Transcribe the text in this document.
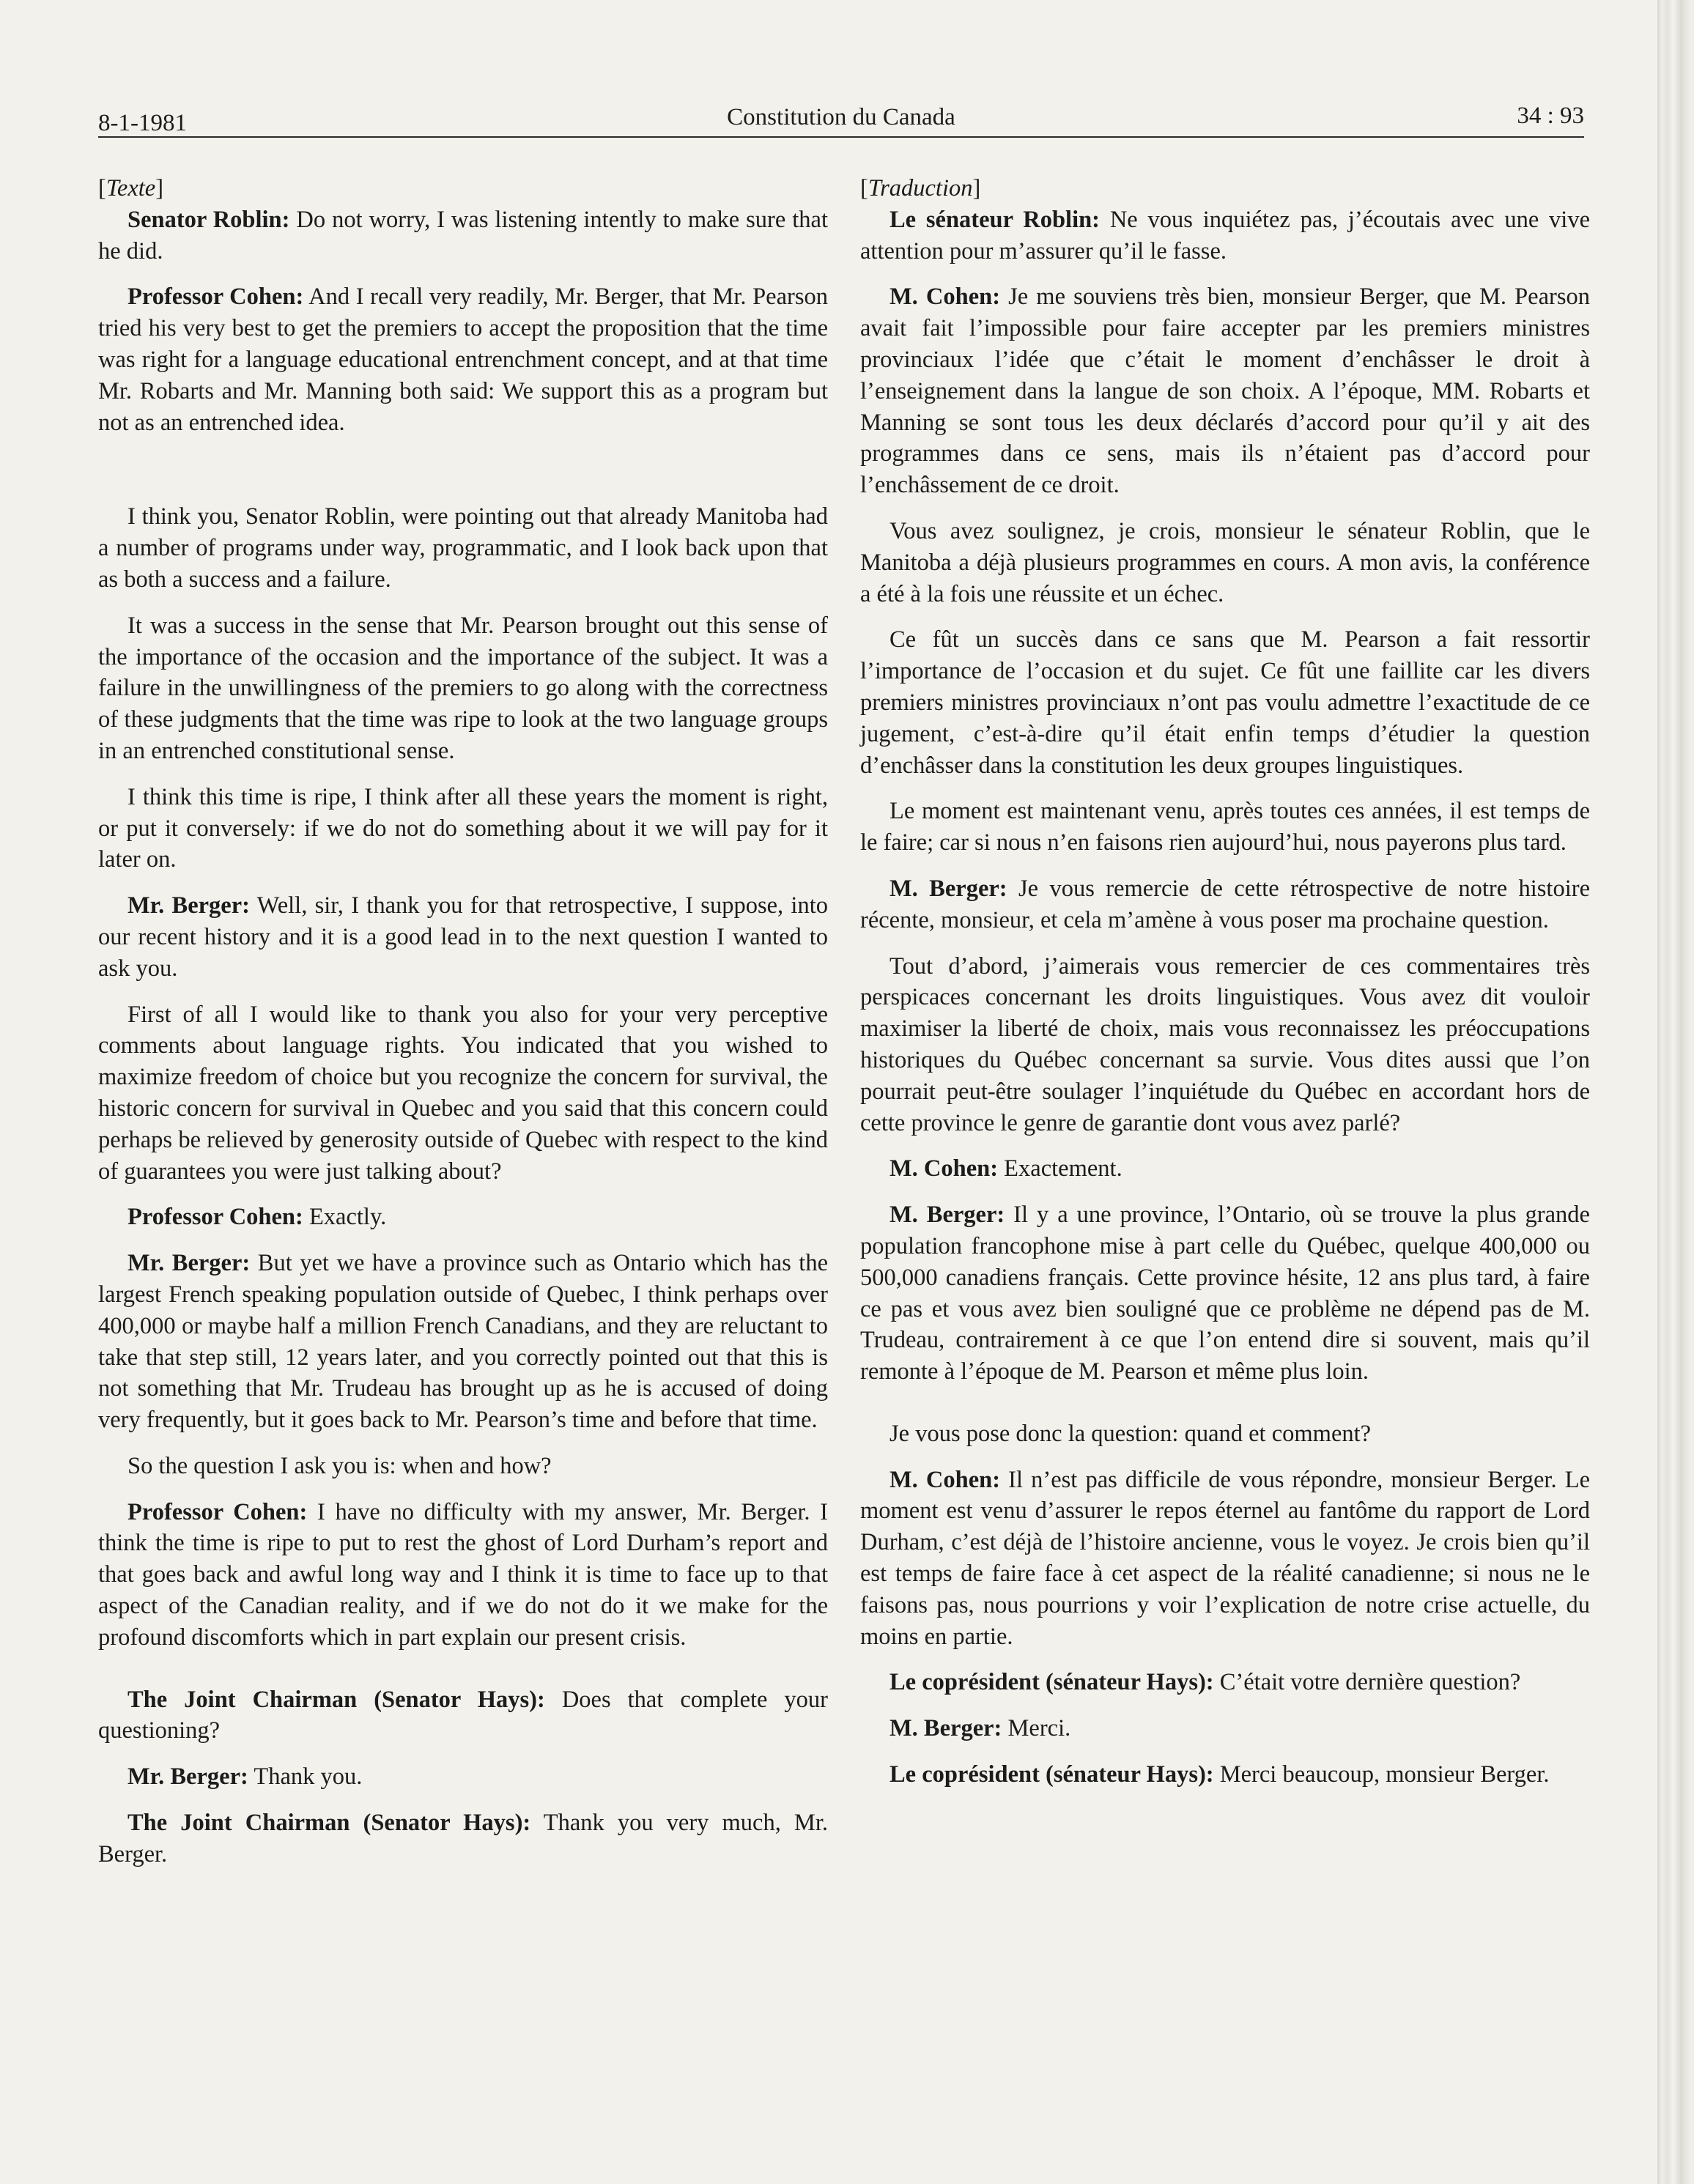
8-1-1981	Constitution du Canada	34 : 93

[Texte]

Senator Roblin: Do not worry, I was listening intently to make sure that he did.

Professor Cohen: And I recall very readily, Mr. Berger, that Mr. Pearson tried his very best to get the premiers to accept the proposition that the time was right for a language educational entrenchment concept, and at that time Mr. Robarts and Mr. Manning both said: We support this as a program but not as an entrenched idea.

I think you, Senator Roblin, were pointing out that already Manitoba had a number of programs under way, programmatic, and I look back upon that as both a success and a failure.

It was a success in the sense that Mr. Pearson brought out this sense of the importance of the occasion and the importance of the subject. It was a failure in the unwillingness of the premiers to go along with the correctness of these judgments that the time was ripe to look at the two language groups in an entrenched constitutional sense.

I think this time is ripe, I think after all these years the moment is right, or put it conversely: if we do not do something about it we will pay for it later on.

Mr. Berger: Well, sir, I thank you for that retrospective, I suppose, into our recent history and it is a good lead in to the next question I wanted to ask you.

First of all I would like to thank you also for your very perceptive comments about language rights. You indicated that you wished to maximize freedom of choice but you recognize the concern for survival, the historic concern for survival in Quebec and you said that this concern could perhaps be relieved by generosity outside of Quebec with respect to the kind of guarantees you were just talking about?

Professor Cohen: Exactly.

Mr. Berger: But yet we have a province such as Ontario which has the largest French speaking population outside of Quebec, I think perhaps over 400,000 or maybe half a million French Canadians, and they are reluctant to take that step still, 12 years later, and you correctly pointed out that this is not something that Mr. Trudeau has brought up as he is accused of doing very frequently, but it goes back to Mr. Pearson’s time and before that time.

So the question I ask you is: when and how?

Professor Cohen: I have no difficulty with my answer, Mr. Berger. I think the time is ripe to put to rest the ghost of Lord Durham’s report and that goes back and awful long way and I think it is time to face up to that aspect of the Canadian reality, and if we do not do it we make for the profound discomforts which in part explain our present crisis.

The Joint Chairman (Senator Hays): Does that complete your questioning?

Mr. Berger: Thank you.

The Joint Chairman (Senator Hays): Thank you very much, Mr. Berger.

[Traduction]

Le sénateur Roblin: Ne vous inquiétez pas, j’écoutais avec une vive attention pour m’assurer qu’il le fasse.

M. Cohen: Je me souviens très bien, monsieur Berger, que M. Pearson avait fait l’impossible pour faire accepter par les premiers ministres provinciaux l’idée que c’était le moment d’enchâsser le droit à l’enseignement dans la langue de son choix. A l’époque, MM. Robarts et Manning se sont tous les deux déclarés d’accord pour qu’il y ait des programmes dans ce sens, mais ils n’étaient pas d’accord pour l’enchâssement de ce droit.

Vous avez soulignez, je crois, monsieur le sénateur Roblin, que le Manitoba a déjà plusieurs programmes en cours. A mon avis, la conférence a été à la fois une réussite et un échec.

Ce fût un succès dans ce sans que M. Pearson a fait ressortir l’importance de l’occasion et du sujet. Ce fût une faillite car les divers premiers ministres provinciaux n’ont pas voulu admettre l’exactitude de ce jugement, c’est-à-dire qu’il était enfin temps d’étudier la question d’enchâsser dans la constitution les deux groupes linguistiques.

Le moment est maintenant venu, après toutes ces années, il est temps de le faire; car si nous n’en faisons rien aujourd’hui, nous payerons plus tard.

M. Berger: Je vous remercie de cette rétrospective de notre histoire récente, monsieur, et cela m’amène à vous poser ma prochaine question.

Tout d’abord, j’aimerais vous remercier de ces commentaires très perspicaces concernant les droits linguistiques. Vous avez dit vouloir maximiser la liberté de choix, mais vous reconnaissez les préoccupations historiques du Québec concernant sa survie. Vous dites aussi que l’on pourrait peut-être soulager l’inquiétude du Québec en accordant hors de cette province le genre de garantie dont vous avez parlé?

M. Cohen: Exactement.

M. Berger: Il y a une province, l’Ontario, où se trouve la plus grande population francophone mise à part celle du Québec, quelque 400,000 ou 500,000 canadiens français. Cette province hésite, 12 ans plus tard, à faire ce pas et vous avez bien souligné que ce problème ne dépend pas de M. Trudeau, contrairement à ce que l’on entend dire si souvent, mais qu’il remonte à l’époque de M. Pearson et même plus loin.

Je vous pose donc la question: quand et comment?

M. Cohen: Il n’est pas difficile de vous répondre, monsieur Berger. Le moment est venu d’assurer le repos éternel au fantôme du rapport de Lord Durham, c’est déjà de l’histoire ancienne, vous le voyez. Je crois bien qu’il est temps de faire face à cet aspect de la réalité canadienne; si nous ne le faisons pas, nous pourrions y voir l’explication de notre crise actuelle, du moins en partie.

Le coprésident (sénateur Hays): C’était votre dernière question?

M. Berger: Merci.

Le coprésident (sénateur Hays): Merci beaucoup, monsieur Berger.
